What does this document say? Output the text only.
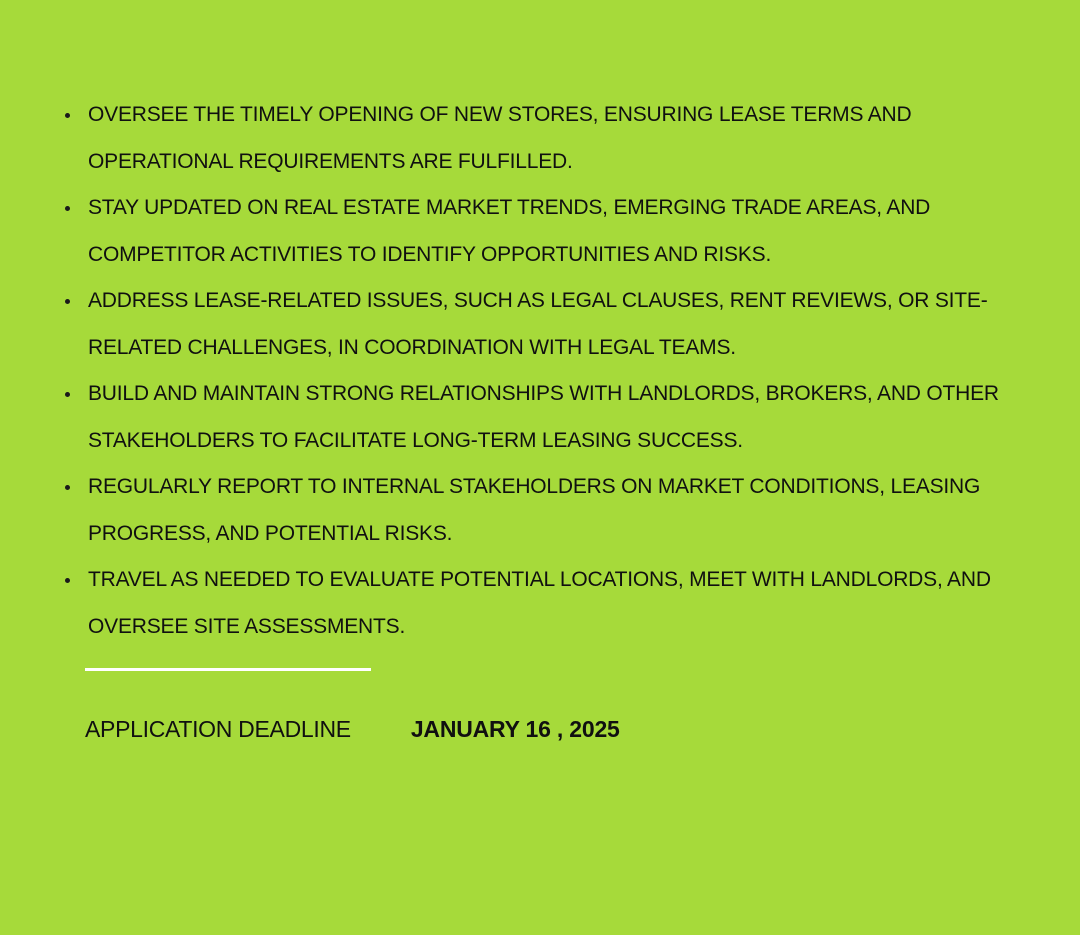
OVERSEE THE TIMELY OPENING OF NEW STORES, ENSURING LEASE TERMS AND OPERATIONAL REQUIREMENTS ARE FULFILLED.
STAY UPDATED ON REAL ESTATE MARKET TRENDS, EMERGING TRADE AREAS, AND COMPETITOR ACTIVITIES TO IDENTIFY OPPORTUNITIES AND RISKS.
ADDRESS LEASE-RELATED ISSUES, SUCH AS LEGAL CLAUSES, RENT REVIEWS, OR SITE-RELATED CHALLENGES, IN COORDINATION WITH LEGAL TEAMS.
BUILD AND MAINTAIN STRONG RELATIONSHIPS WITH LANDLORDS, BROKERS, AND OTHER STAKEHOLDERS TO FACILITATE LONG-TERM LEASING SUCCESS.
REGULARLY REPORT TO INTERNAL STAKEHOLDERS ON MARKET CONDITIONS, LEASING PROGRESS, AND POTENTIAL RISKS.
TRAVEL AS NEEDED TO EVALUATE POTENTIAL LOCATIONS, MEET WITH LANDLORDS, AND OVERSEE SITE ASSESSMENTS.
APPLICATION DEADLINE	JANUARY 16 , 2025
